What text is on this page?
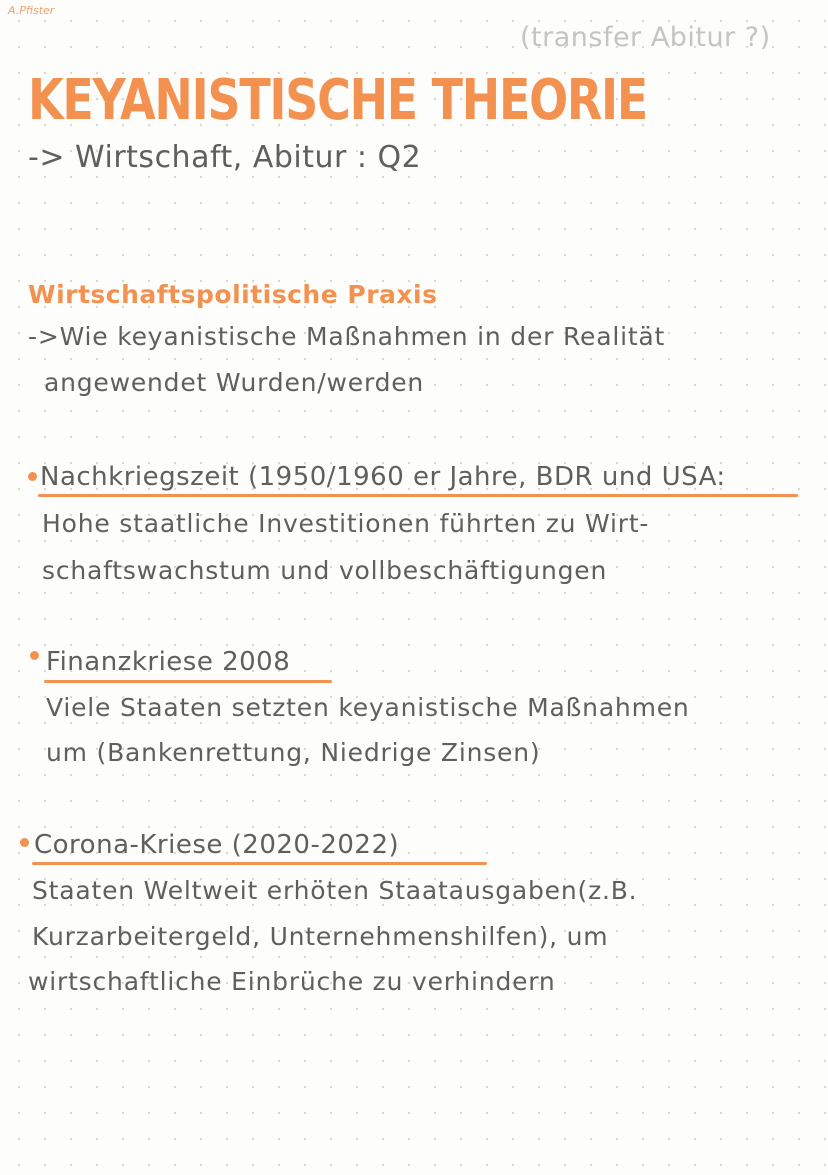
A.Pfister
(transfer Abitur ?)
KEYANISTISCHE THEORIE
-> Wirtschaft, Abitur : Q2
Wirtschaftspolitische Praxis
->Wie keyanistische Maßnahmen in der Realität
angewendet Wurden/werden
Nachkriegszeit (1950/1960 er Jahre, BDR und USA:
Hohe staatliche Investitionen führten zu Wirt-
schaftswachstum und vollbeschäftigungen
Finanzkriese 2008
Viele Staaten setzten keyanistische Maßnahmen
um (Bankenrettung, Niedrige Zinsen)
Corona-Kriese (2020-2022)
Staaten Weltweit erhöten Staatausgaben(z.B.
Kurzarbeitergeld, Unternehmenshilfen), um
wirtschaftliche Einbrüche zu verhindern
